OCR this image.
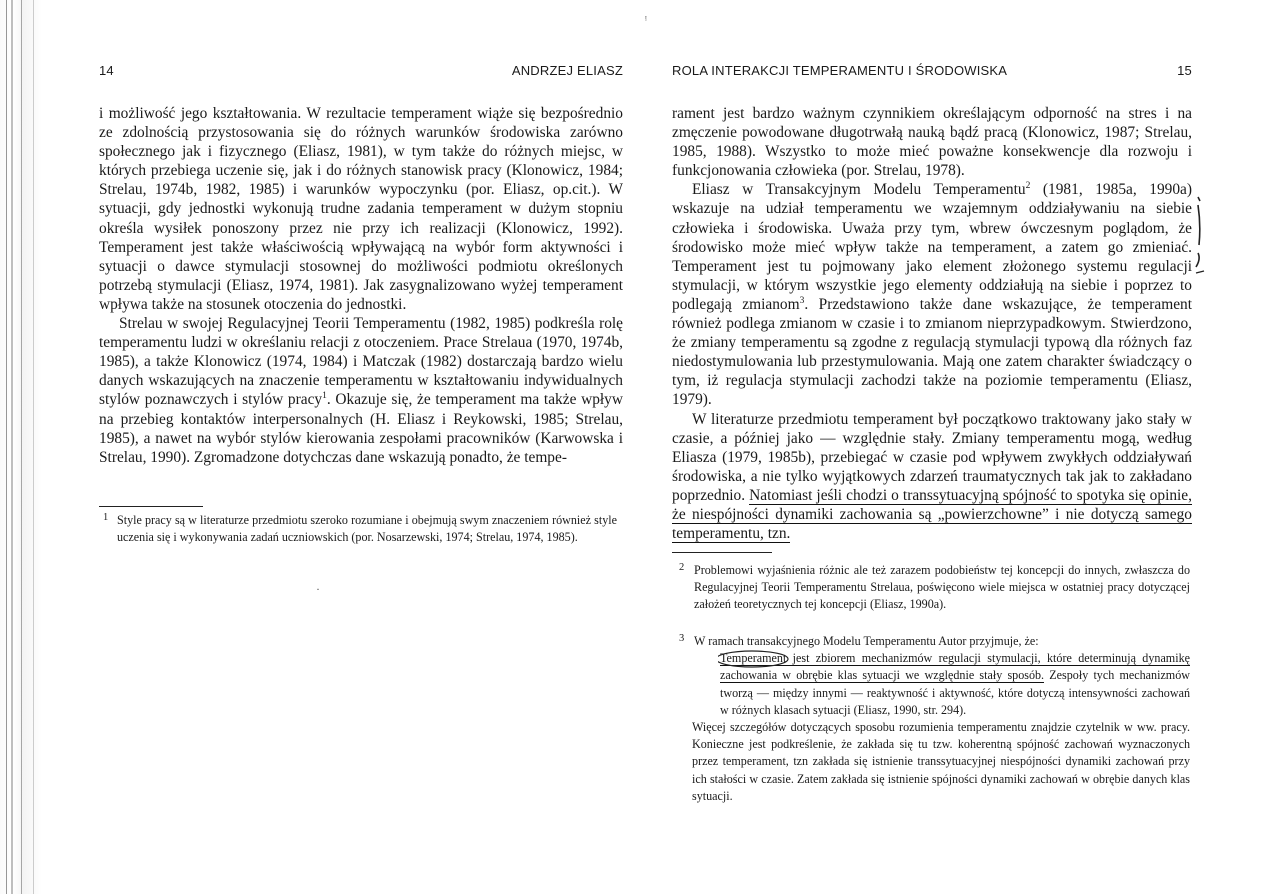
ᵎ
·
14	ANDRZEJ ELIASZ

i możliwość jego kształtowania. W rezultacie temperament wiąże się bezpośrednio ze zdolnością przystosowania się do różnych warunków środowiska zarówno społecznego jak i fizycznego (Eliasz, 1981), w tym także do różnych miejsc, w których przebiega uczenie się, jak i do różnych stanowisk pracy (Klonowicz, 1984; Strelau, 1974b, 1982, 1985) i warunków wypoczynku (por. Eliasz, op.cit.). W sytuacji, gdy jednostki wykonują trudne zadania temperament w dużym stopniu określa wysiłek ponoszony przez nie przy ich realizacji (Klonowicz, 1992). Temperament jest także właściwością wpływającą na wybór form aktywności i sytuacji o dawce stymulacji stosownej do możliwości podmiotu określonych potrzebą stymulacji (Eliasz, 1974, 1981). Jak zasygnalizowano wyżej temperament wpływa także na stosunek otoczenia do jednostki.

Strelau w swojej Regulacyjnej Teorii Temperamentu (1982, 1985) podkreśla rolę temperamentu ludzi w określaniu relacji z otoczeniem. Prace Strelaua (1970, 1974b, 1985), a także Klonowicz (1974, 1984) i Matczak (1982) dostarczają bardzo wielu danych wskazujących na znaczenie temperamentu w kształtowaniu indywidualnych stylów poznawczych i stylów pracy$^1$. Okazuje się, że temperament ma także wpływ na przebieg kontaktów interpersonalnych (H. Eliasz i Reykowski, 1985; Strelau, 1985), a nawet na wybór stylów kierowania zespołami pracowników (Karwowska i Strelau, 1990). Zgromadzone dotychczas dane wskazują ponadto, że tempe-

1 Style pracy są w literaturze przedmiotu szeroko rozumiane i obejmują swym znaczeniem również style uczenia się i wykonywania zadań uczniowskich (por. Nosarzewski, 1974; Strelau, 1974, 1985).

ROLA INTERAKCJI TEMPERAMENTU I ŚRODOWISKA	15

rament jest bardzo ważnym czynnikiem określającym odporność na stres i na zmęczenie powodowane długotrwałą nauką bądź pracą (Klonowicz, 1987; Strelau, 1985, 1988). Wszystko to może mieć poważne konsekwencje dla rozwoju i funkcjonowania człowieka (por. Strelau, 1978).

Eliasz w Transakcyjnym Modelu Temperamentu$^2$ (1981, 1985a, 1990a) wskazuje na udział temperamentu we wzajemnym oddziaływaniu na siebie człowieka i środowiska. Uważa przy tym, wbrew ówczesnym poglądom, że środowisko może mieć wpływ także na temperament, a zatem go zmieniać. Temperament jest tu pojmowany jako element złożonego systemu regulacji stymulacji, w którym wszystkie jego elementy oddziałują na siebie i poprzez to podlegają zmianom$^3$. Przedstawiono także dane wskazujące, że temperament również podlega zmianom w czasie i to zmianom nieprzypadkowym. Stwierdzono, że zmiany temperamentu są zgodne z regulacją stymulacji typową dla różnych faz niedostymulowania lub przestymulowania. Mają one zatem charakter świadczący o tym, iż regulacja stymulacji zachodzi także na poziomie temperamentu (Eliasz, 1979).

W literaturze przedmiotu temperament był początkowo traktowany jako stały w czasie, a później jako — względnie stały. Zmiany temperamentu mogą, według Eliasza (1979, 1985b), przebiegać w czasie pod wpływem zwykłych oddziaływań środowiska, a nie tylko wyjątkowych zdarzeń traumatycznych tak jak to zakładano poprzednio. Natomiast jeśli chodzi o transsytuacyjną spójność to spotyka się opinie, że niespójności dynamiki zachowania są „powierzchowne” i nie dotyczą samego temperamentu, tzn.

2 Problemowi wyjaśnienia różnic ale też zarazem podobieństw tej koncepcji do innych, zwłaszcza do Regulacyjnej Teorii Temperamentu Strelaua, poświęcono wiele miejsca w ostatniej pracy dotyczącej założeń teoretycznych tej koncepcji (Eliasz, 1990a).

3 W ramach transakcyjnego Modelu Temperamentu Autor przyjmuje, że:

Temperament jest zbiorem mechanizmów regulacji stymulacji, które determinują dynamikę zachowania w obrębie klas sytuacji we względnie stały sposób. Zespoły tych mechanizmów tworzą — między innymi — reaktywność i aktywność, które dotyczą intensywności zachowań w różnych klasach sytuacji (Eliasz, 1990, str. 294).

Więcej szczegółów dotyczących sposobu rozumienia temperamentu znajdzie czytelnik w ww. pracy. Konieczne jest podkreślenie, że zakłada się tu tzw. koherentną spójność zachowań wyznaczonych przez temperament, tzn zakłada się istnienie transsytuacyjnej niespójności dynamiki zachowań przy ich stałości w czasie. Zatem zakłada się istnienie spójności dynamiki zachowań w obrębie danych klas sytuacji.
